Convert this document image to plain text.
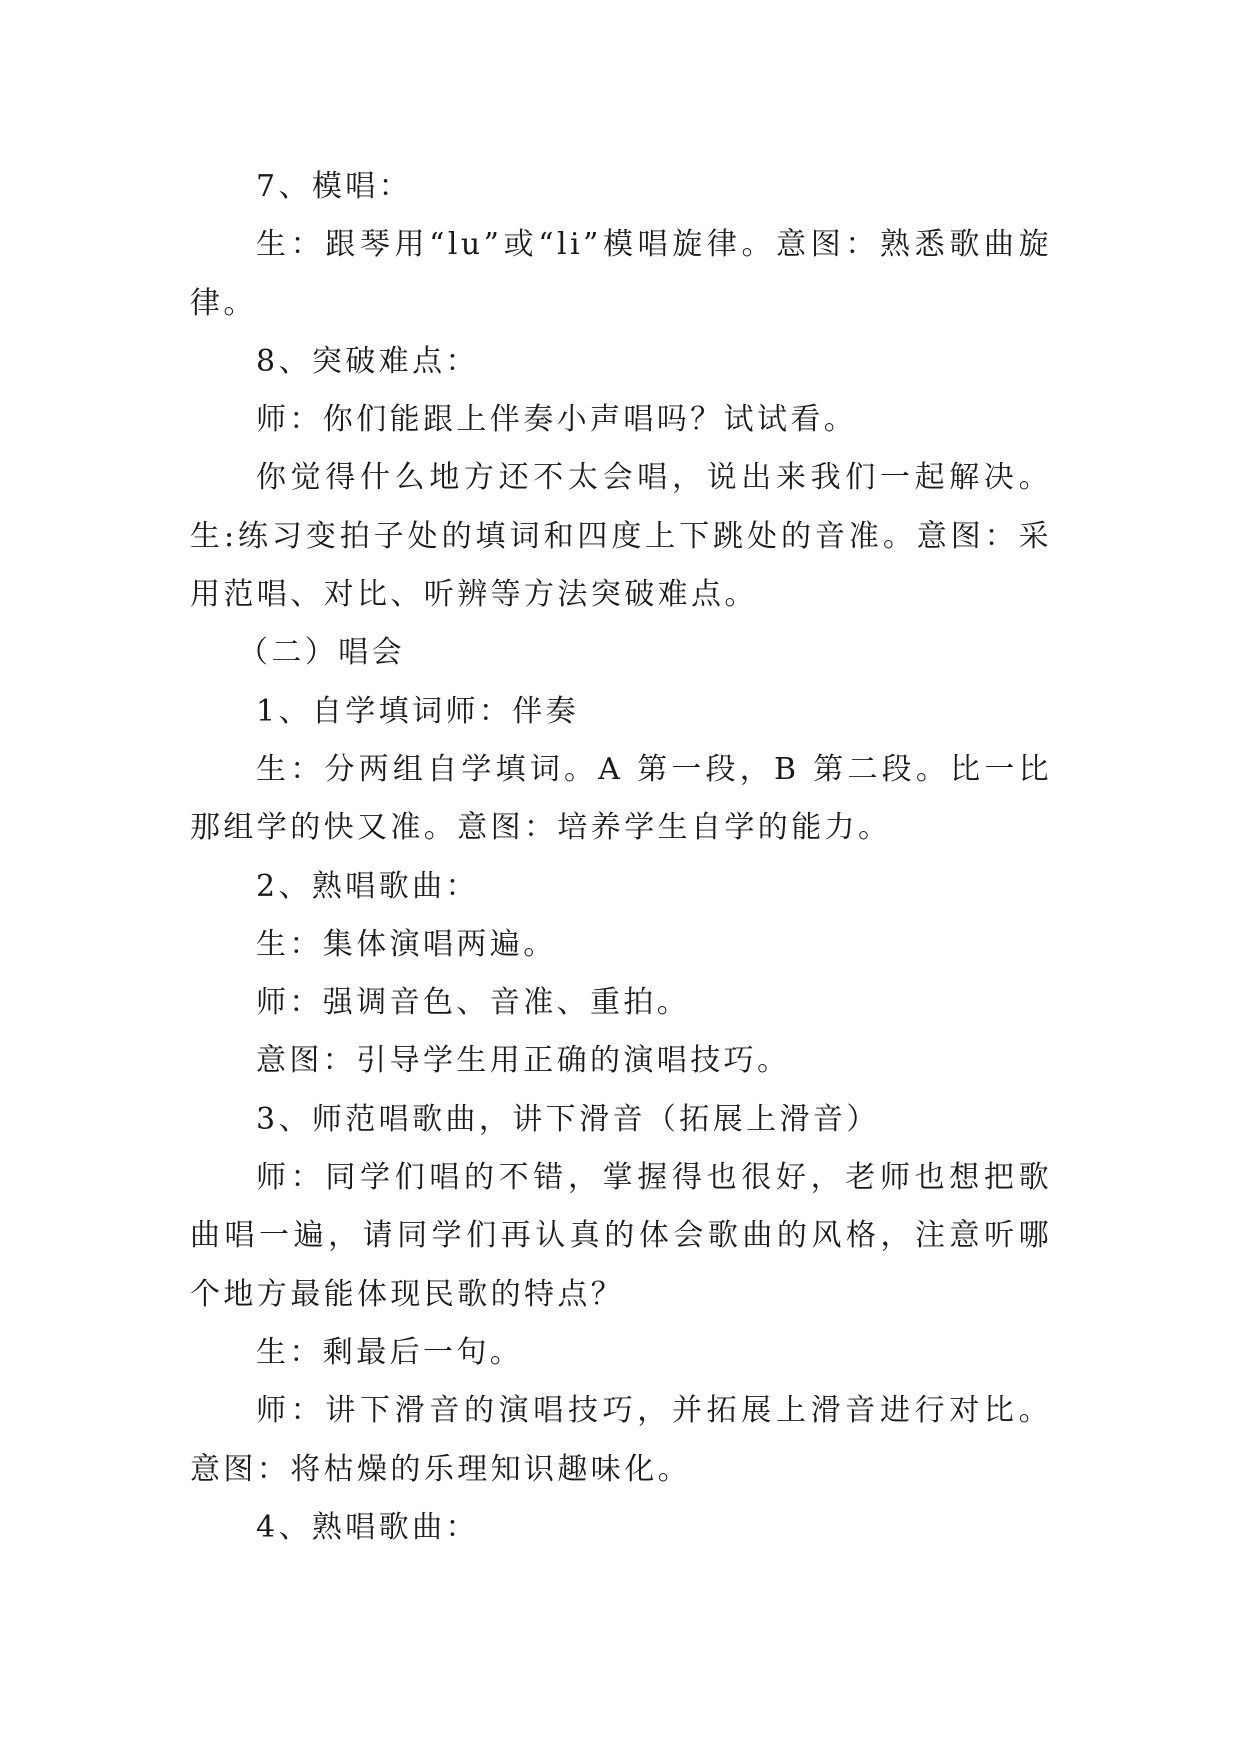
7、模唱：

生：跟琴用“lu”或“li”模唱旋律。意图：熟悉歌曲旋律。

8、突破难点：

师：你们能跟上伴奏小声唱吗？试试看。

你觉得什么地方还不太会唱，说出来我们一起解决。生:练习变拍子处的填词和四度上下跳处的音准。意图：采用范唱、对比、听辨等方法突破难点。

（二）唱会

1、自学填词师：伴奏

生：分两组自学填词。A 第一段，B 第二段。比一比那组学的快又准。意图：培养学生自学的能力。

2、熟唱歌曲：

生：集体演唱两遍。

师：强调音色、音准、重拍。

意图：引导学生用正确的演唱技巧。

3、师范唱歌曲，讲下滑音（拓展上滑音）

师：同学们唱的不错，掌握得也很好，老师也想把歌曲唱一遍，请同学们再认真的体会歌曲的风格，注意听哪个地方最能体现民歌的特点？

生：剩最后一句。

师：讲下滑音的演唱技巧，并拓展上滑音进行对比。意图：将枯燥的乐理知识趣味化。

4、熟唱歌曲：
